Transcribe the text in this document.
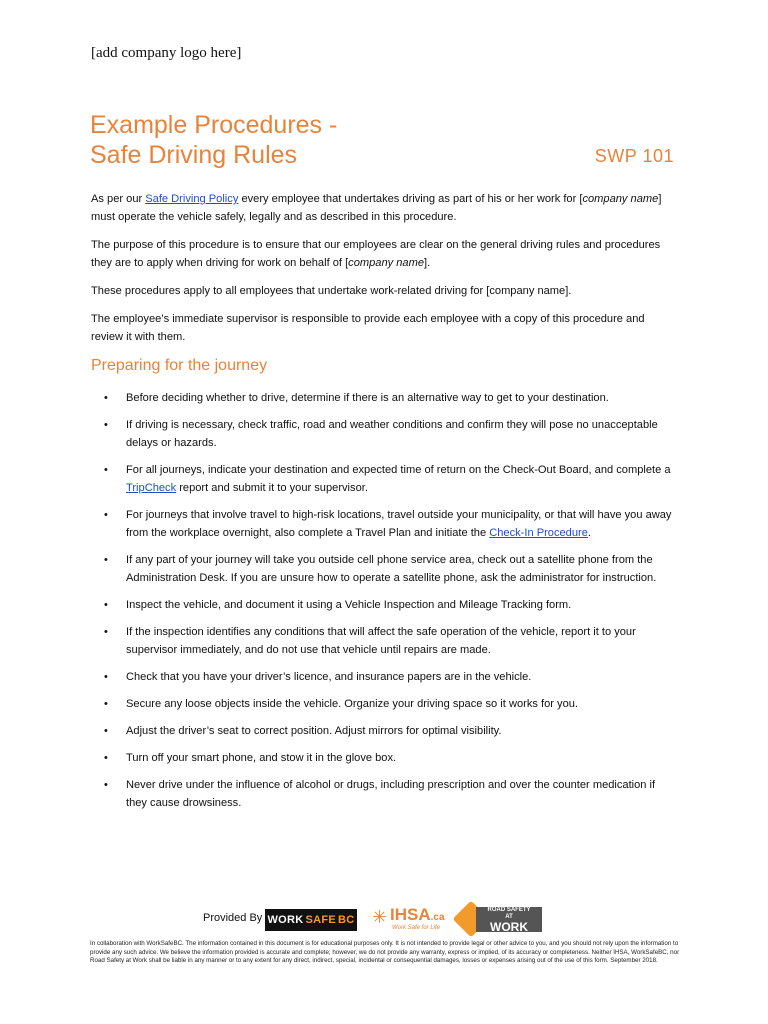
[add company logo here]
Example Procedures -
Safe Driving Rules	SWP 101

As per our Safe Driving Policy every employee that undertakes driving as part of his or her work for [company name] must operate the vehicle safely, legally and as described in this procedure.

The purpose of this procedure is to ensure that our employees are clear on the general driving rules and procedures they are to apply when driving for work on behalf of [company name].

These procedures apply to all employees that undertake work-related driving for [company name].

The employee’s immediate supervisor is responsible to provide each employee with a copy of this procedure and review it with them.

Preparing for the journey
• Before deciding whether to drive, determine if there is an alternative way to get to your destination.
• If driving is necessary, check traffic, road and weather conditions and confirm they will pose no unacceptable delays or hazards.
• For all journeys, indicate your destination and expected time of return on the Check-Out Board, and complete a TripCheck report and submit it to your supervisor.
• For journeys that involve travel to high-risk locations, travel outside your municipality, or that will have you away from the workplace overnight, also complete a Travel Plan and initiate the Check-In Procedure.
• If any part of your journey will take you outside cell phone service area, check out a satellite phone from the Administration Desk. If you are unsure how to operate a satellite phone, ask the administrator for instruction.
• Inspect the vehicle, and document it using a Vehicle Inspection and Mileage Tracking form.
• If the inspection identifies any conditions that will affect the safe operation of the vehicle, report it to your supervisor immediately, and do not use that vehicle until repairs are made.
• Check that you have your driver’s licence, and insurance papers are in the vehicle.
• Secure any loose objects inside the vehicle. Organize your driving space so it works for you.
• Adjust the driver’s seat to correct position. Adjust mirrors for optimal visibility.
• Turn off your smart phone, and stow it in the glove box.
• Never drive under the influence of alcohol or drugs, including prescription and over the counter medication if they cause drowsiness.
Provided By WORK SAFE BC ✳ IHSA.ca
Work Safe for Life
ROAD SAFETY
AT
WORK
In collaboration with WorkSafeBC. The information contained in this document is for educational purposes only. It is not intended to provide legal or other advice to you, and you should not rely upon the information to provide any such advice. We believe the information provided is accurate and complete; however, we do not provide any warranty, express or implied, of its accuracy or completeness. Neither IHSA, WorkSafeBC, nor Road Safety at Work shall be liable in any manner or to any extent for any direct, indirect, special, incidental or consequential damages, losses or expenses arising out of the use of this form. September 2018.
